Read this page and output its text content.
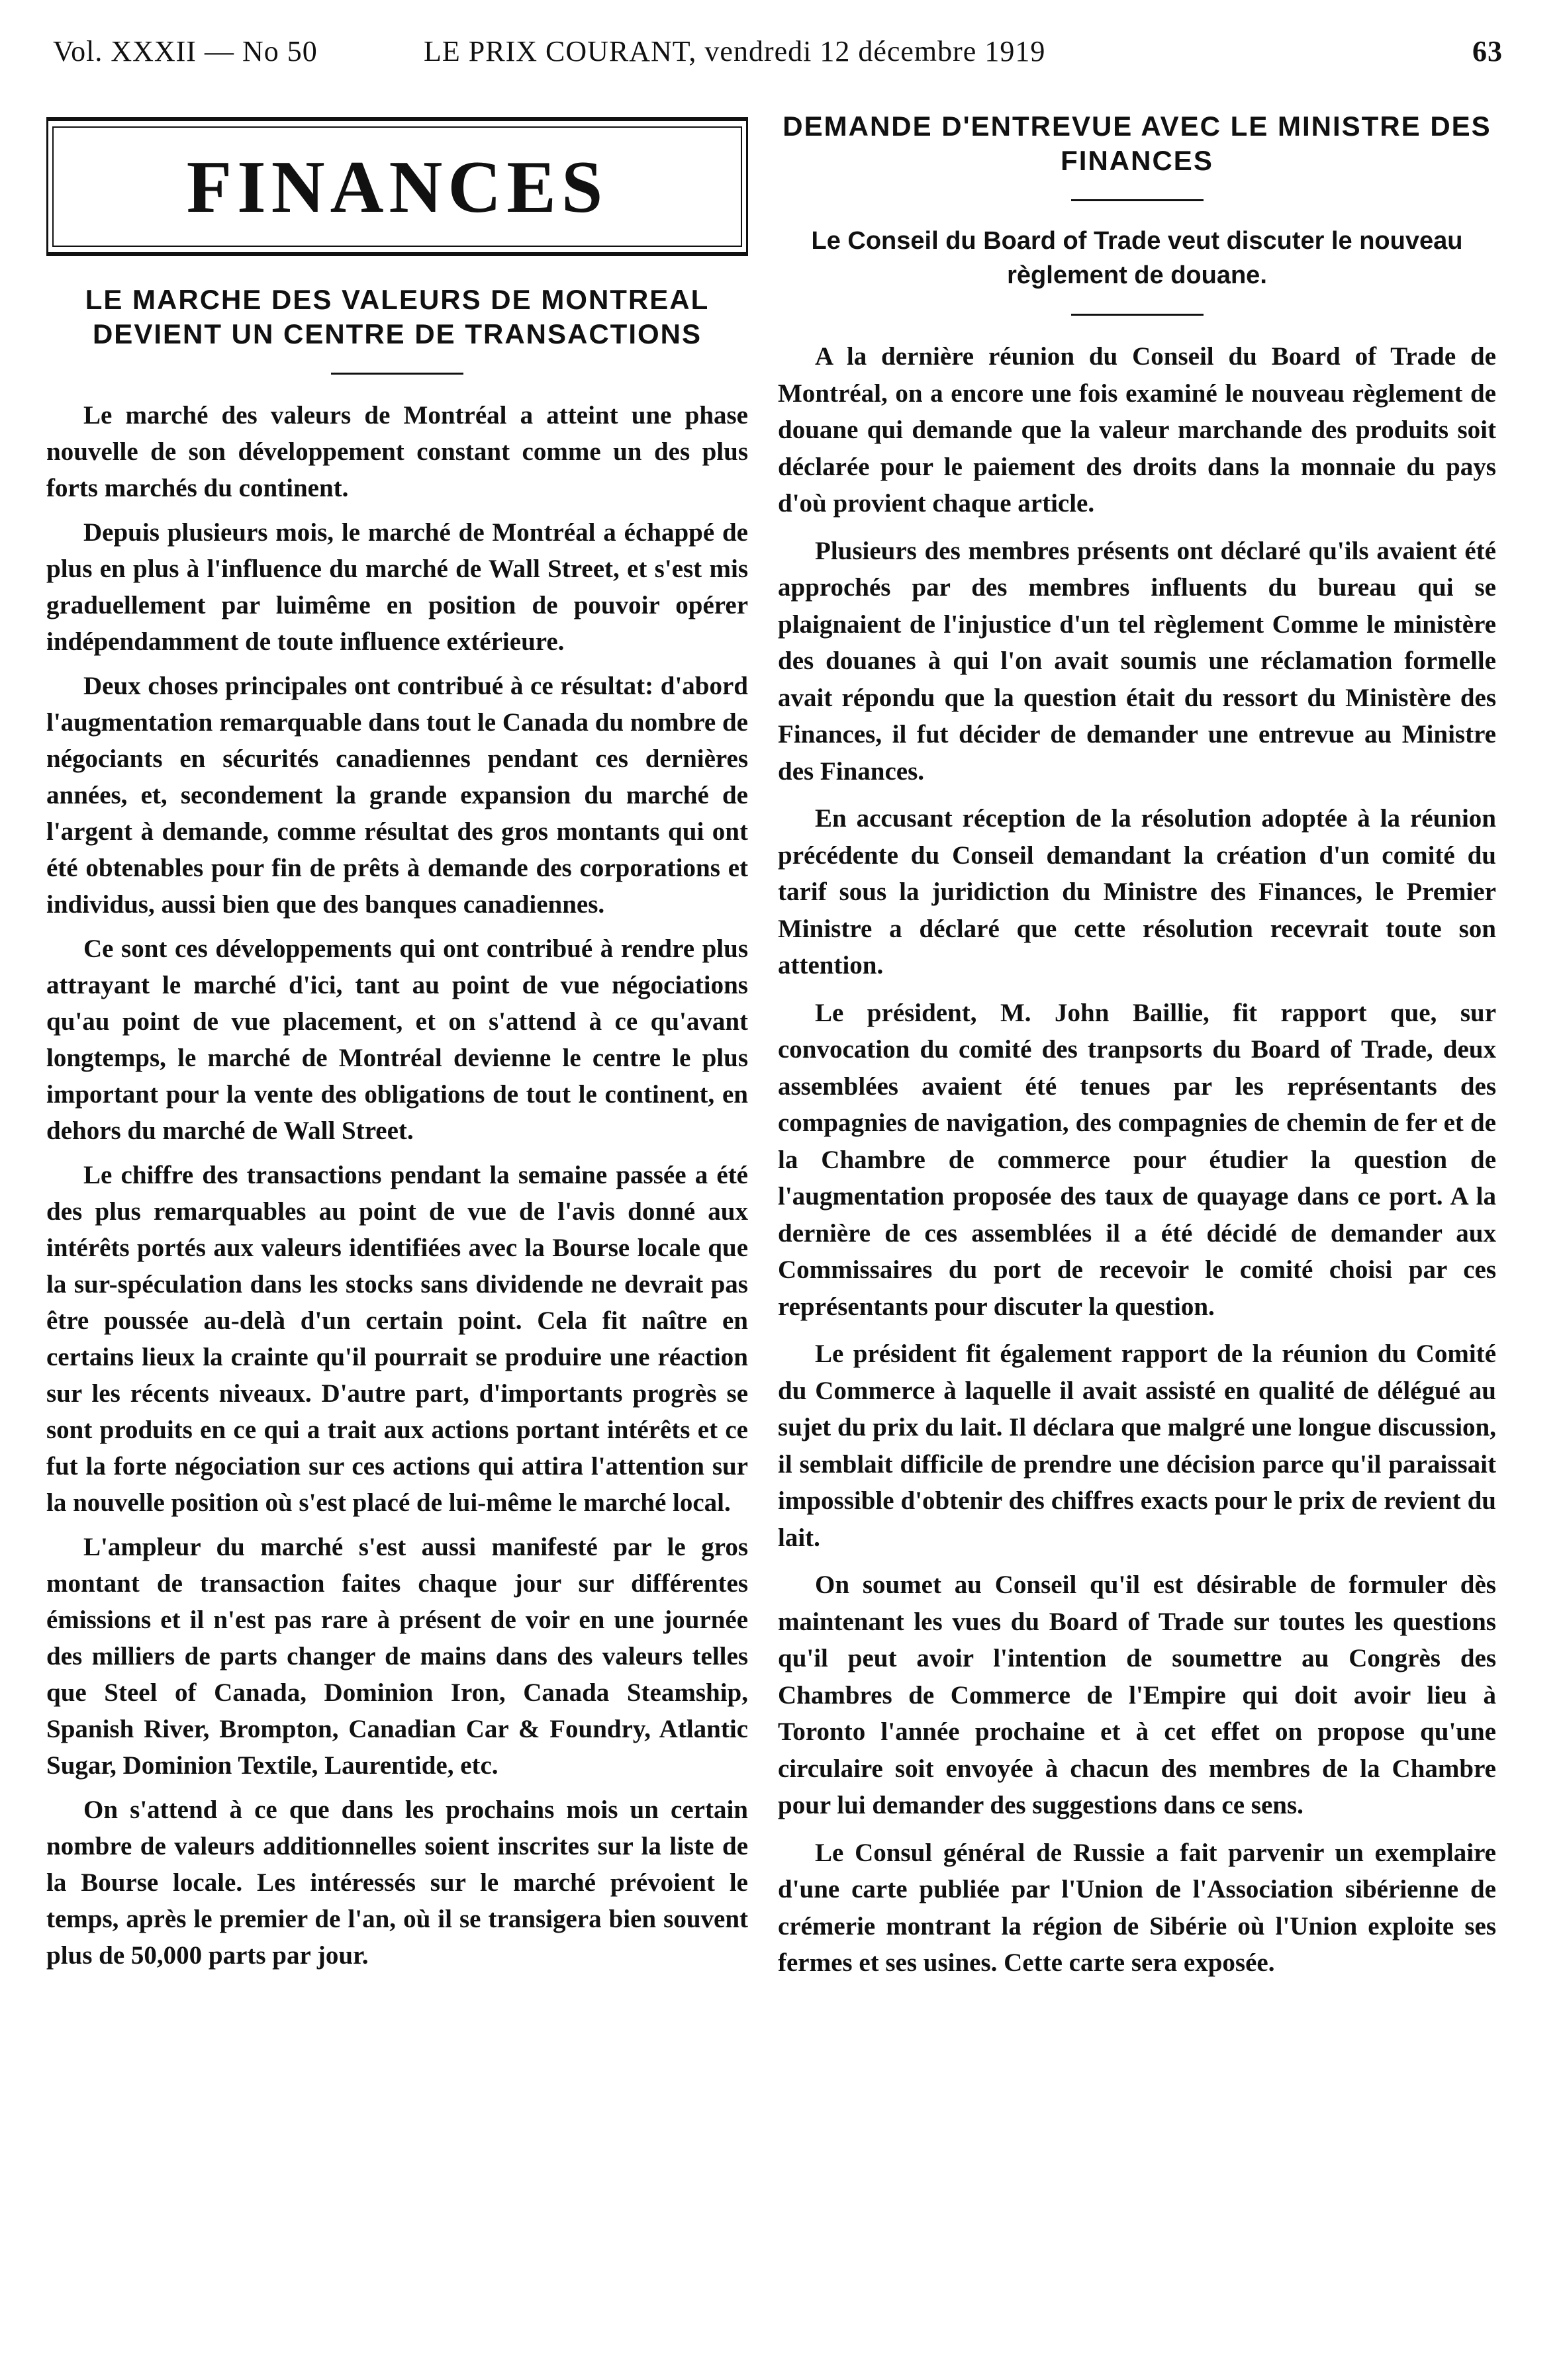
Vol. XXXII — No 50	LE PRIX COURANT, vendredi 12 décembre 1919	63
FINANCES
LE MARCHE DES VALEURS DE MONTREAL DEVIENT UN CENTRE DE TRANSACTIONS

Le marché des valeurs de Montréal a atteint une phase nouvelle de son développement constant comme un des plus forts marchés du continent.

Depuis plusieurs mois, le marché de Montréal a échappé de plus en plus à l'influence du marché de Wall Street, et s'est mis graduellement par luimême en position de pouvoir opérer indépendamment de toute influence extérieure.

Deux choses principales ont contribué à ce résultat: d'abord l'augmentation remarquable dans tout le Canada du nombre de négociants en sécurités canadiennes pendant ces dernières années, et, secondement la grande expansion du marché de l'argent à demande, comme résultat des gros montants qui ont été obtenables pour fin de prêts à demande des corporations et individus, aussi bien que des banques canadiennes.

Ce sont ces développements qui ont contribué à rendre plus attrayant le marché d'ici, tant au point de vue négociations qu'au point de vue placement, et on s'attend à ce qu'avant longtemps, le marché de Montréal devienne le centre le plus important pour la vente des obligations de tout le continent, en dehors du marché de Wall Street.

Le chiffre des transactions pendant la semaine passée a été des plus remarquables au point de vue de l'avis donné aux intérêts portés aux valeurs identifiées avec la Bourse locale que la sur-spéculation dans les stocks sans dividende ne devrait pas être poussée au-delà d'un certain point. Cela fit naître en certains lieux la crainte qu'il pourrait se produire une réaction sur les récents niveaux. D'autre part, d'importants progrès se sont produits en ce qui a trait aux actions portant intérêts et ce fut la forte négociation sur ces actions qui attira l'attention sur la nouvelle position où s'est placé de lui-même le marché local.

L'ampleur du marché s'est aussi manifesté par le gros montant de transaction faites chaque jour sur différentes émissions et il n'est pas rare à présent de voir en une journée des milliers de parts changer de mains dans des valeurs telles que Steel of Canada, Dominion Iron, Canada Steamship, Spanish River, Brompton, Canadian Car & Foundry, Atlantic Sugar, Dominion Textile, Laurentide, etc.

On s'attend à ce que dans les prochains mois un certain nombre de valeurs additionnelles soient inscrites sur la liste de la Bourse locale. Les intéressés sur le marché prévoient le temps, après le premier de l'an, où il se transigera bien souvent plus de 50,000 parts par jour.

DEMANDE D'ENTREVUE AVEC LE MINISTRE DES FINANCES

Le Conseil du Board of Trade veut discuter le nouveau règlement de douane.

A la dernière réunion du Conseil du Board of Trade de Montréal, on a encore une fois examiné le nouveau règlement de douane qui demande que la valeur marchande des produits soit déclarée pour le paiement des droits dans la monnaie du pays d'où provient chaque article.

Plusieurs des membres présents ont déclaré qu'ils avaient été approchés par des membres influents du bureau qui se plaignaient de l'injustice d'un tel règlement Comme le ministère des douanes à qui l'on avait soumis une réclamation formelle avait répondu que la question était du ressort du Ministère des Finances, il fut décider de demander une entrevue au Ministre des Finances.

En accusant réception de la résolution adoptée à la réunion précédente du Conseil demandant la création d'un comité du tarif sous la juridiction du Ministre des Finances, le Premier Ministre a déclaré que cette résolution recevrait toute son attention.

Le président, M. John Baillie, fit rapport que, sur convocation du comité des tranpsorts du Board of Trade, deux assemblées avaient été tenues par les représentants des compagnies de navigation, des compagnies de chemin de fer et de la Chambre de commerce pour étudier la question de l'augmentation proposée des taux de quayage dans ce port. A la dernière de ces assemblées il a été décidé de demander aux Commissaires du port de recevoir le comité choisi par ces représentants pour discuter la question.

Le président fit également rapport de la réunion du Comité du Commerce à laquelle il avait assisté en qualité de délégué au sujet du prix du lait. Il déclara que malgré une longue discussion, il semblait difficile de prendre une décision parce qu'il paraissait impossible d'obtenir des chiffres exacts pour le prix de revient du lait.

On soumet au Conseil qu'il est désirable de formuler dès maintenant les vues du Board of Trade sur toutes les questions qu'il peut avoir l'intention de soumettre au Congrès des Chambres de Commerce de l'Empire qui doit avoir lieu à Toronto l'année prochaine et à cet effet on propose qu'une circulaire soit envoyée à chacun des membres de la Chambre pour lui demander des suggestions dans ce sens.

Le Consul général de Russie a fait parvenir un exemplaire d'une carte publiée par l'Union de l'Association sibérienne de crémerie montrant la région de Sibérie où l'Union exploite ses fermes et ses usines. Cette carte sera exposée.
